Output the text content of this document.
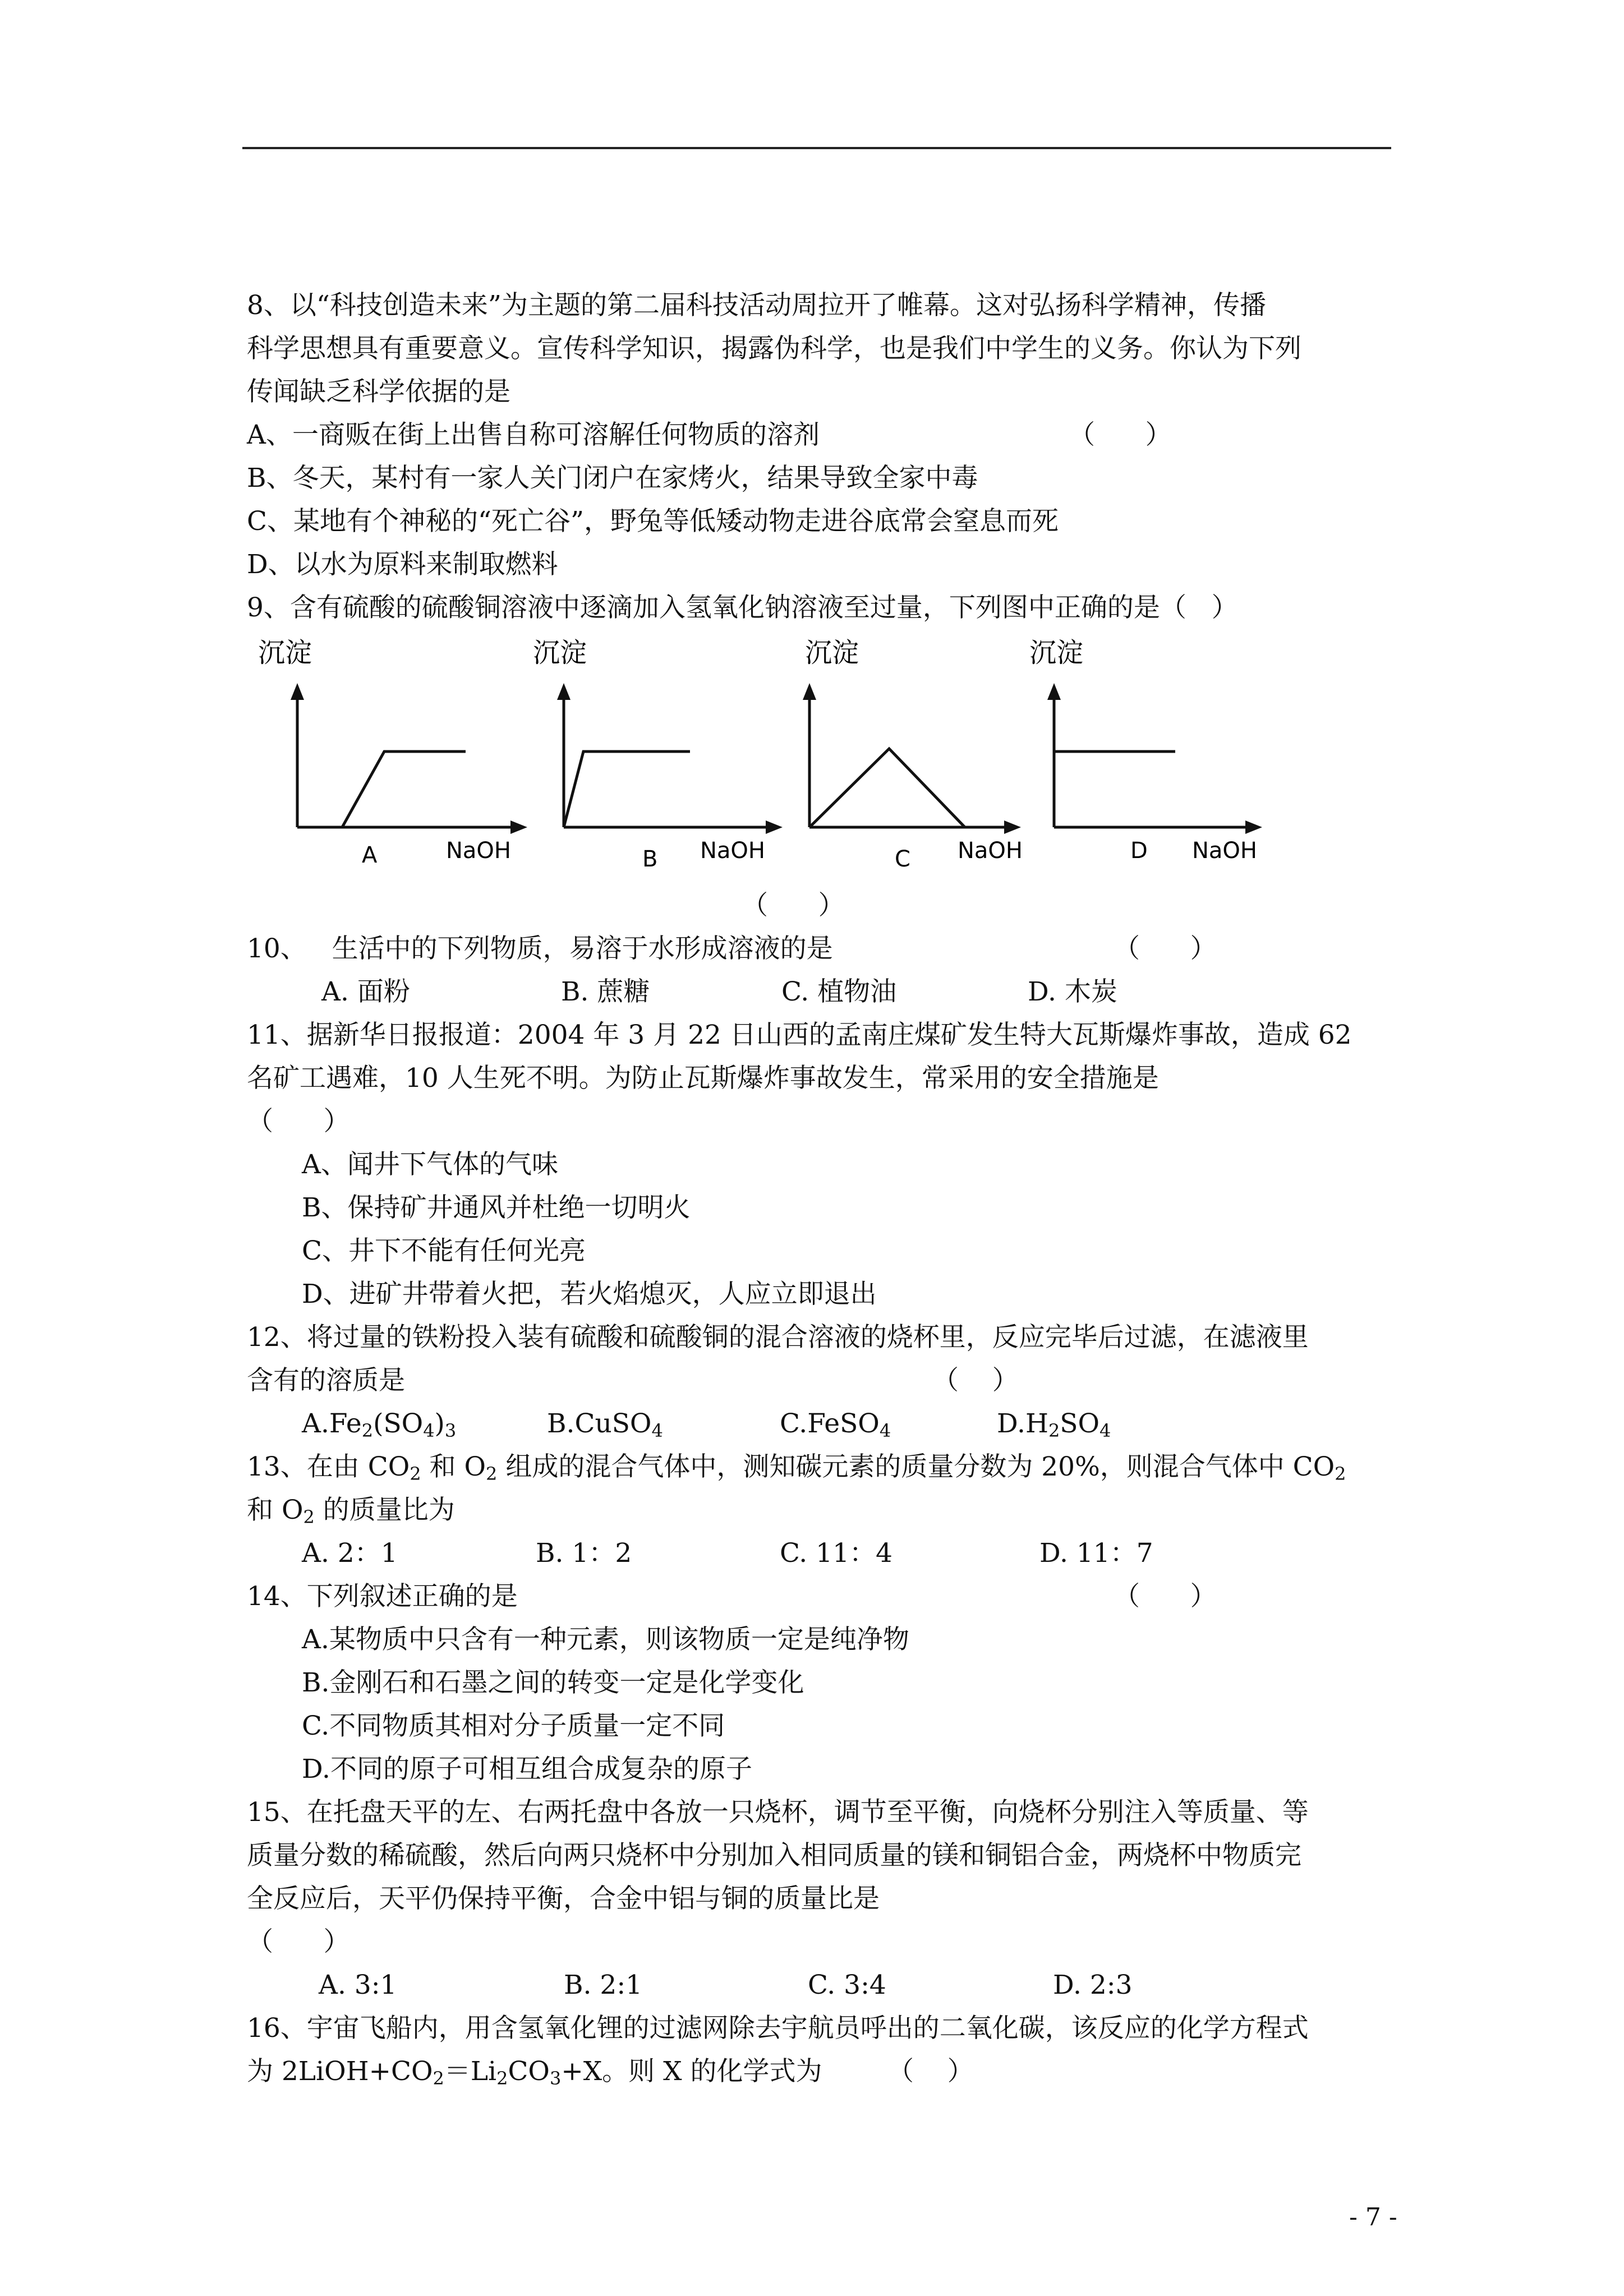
8、以“科技创造未来”为主题的第二届科技活动周拉开了帷幕。这对弘扬科学精神，传播
科学思想具有重要意义。宣传科学知识，揭露伪科学，也是我们中学生的义务。你认为下列
传闻缺乏科学依据的是
A、一商贩在街上出售自称可溶解任何物质的溶剂	（      ）
B、冬天，某村有一家人关门闭户在家烤火，结果导致全家中毒
C、某地有个神秘的“死亡谷”，野兔等低矮动物走进谷底常会窒息而死
D、以水为原料来制取燃料
9、含有硫酸的硫酸铜溶液中逐滴加入氢氧化钠溶液至过量，下列图中正确的是（   ）
沉淀
A	NaOH
沉淀
B NaOH
沉淀
C NaOH
沉淀
D NaOH
（      ）
10、   生活中的下列物质，易溶于水形成溶液的是	（      ）
A. 面粉	B. 蔗糖	C. 植物油	D. 木炭
11、据新华日报报道：2004 年 3 月 22 日山西的孟南庄煤矿发生特大瓦斯爆炸事故，造成 62
名矿工遇难，10 人生死不明。为防止瓦斯爆炸事故发生，常采用的安全措施是
（      ）
A、闻井下气体的气味
B、保持矿井通风并杜绝一切明火
C、井下不能有任何光亮
D、进矿井带着火把，若火焰熄灭，人应立即退出
12、将过量的铁粉投入装有硫酸和硫酸铜的混合溶液的烧杯里，反应完毕后过滤，在滤液里
含有的溶质是	（    ）
$A.Fe_2(SO_4)_3$	B.CuSO$_4$	C.FeSO$_4$	$D.H_2SO_4$
13、在由 $CO_2$ 和 $O_2$ 组成的混合气体中，测知碳元素的质量分数为 20%，则混合气体中 $CO_2$
和 $O_2$ 的质量比为
A. 2：1	B. 1：2	C. 11：4	D. 11：7
14、下列叙述正确的是	（      ）
A.某物质中只含有一种元素，则该物质一定是纯净物
B.金刚石和石墨之间的转变一定是化学变化
C.不同物质其相对分子质量一定不同
D.不同的原子可相互组合成复杂的原子
15、在托盘天平的左、右两托盘中各放一只烧杯，调节至平衡，向烧杯分别注入等质量、等
质量分数的稀硫酸，然后向两只烧杯中分别加入相同质量的镁和铜铝合金，两烧杯中物质完
全反应后，天平仍保持平衡，合金中铝与铜的质量比是
（      ）
A. 3:1	B. 2:1	C. 3:4	D. 2:3
16、宇宙飞船内，用含氢氧化锂的过滤网除去宇航员呼出的二氧化碳，该反应的化学方程式
为 $2LiOH+CO_2=Li_2CO_3+X$。则 X 的化学式为 （    ）
- 7 -
